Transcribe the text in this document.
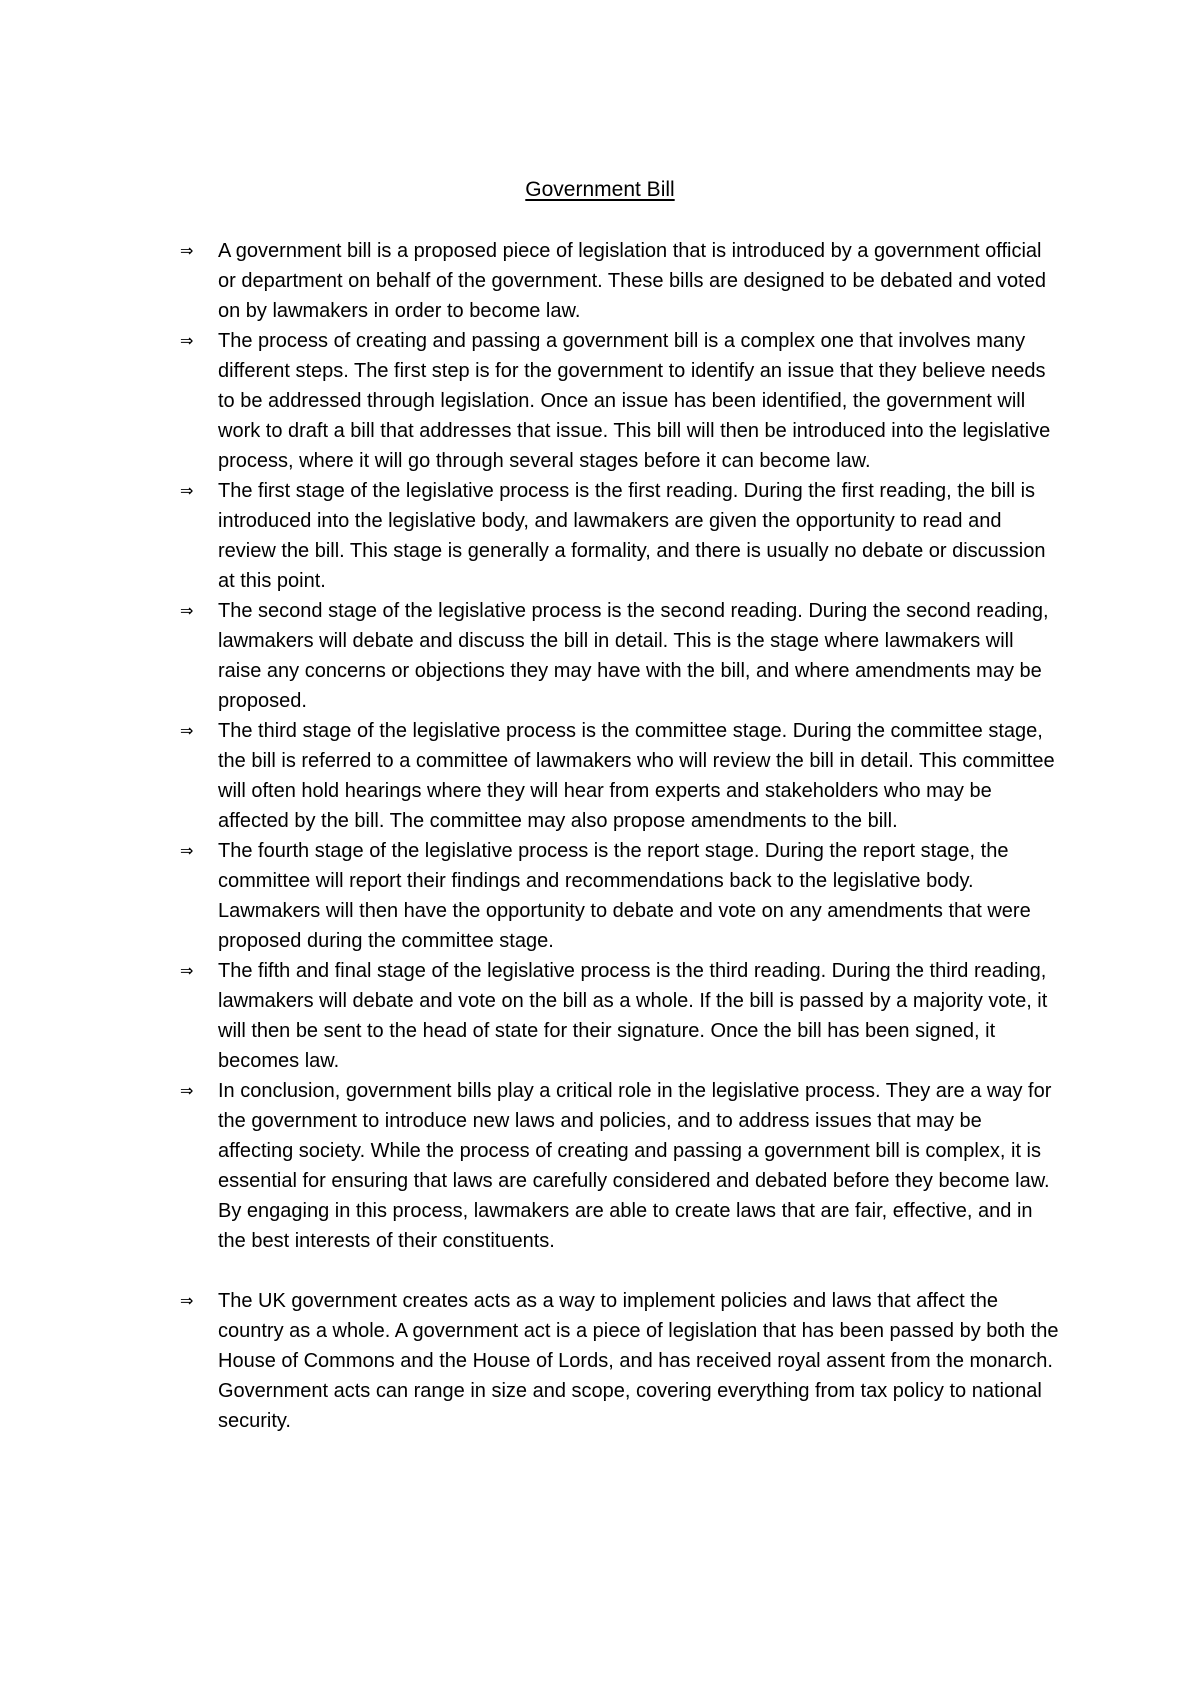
Government Bill
⇒	A government bill is a proposed piece of legislation that is introduced by a government official or department on behalf of the government. These bills are designed to be debated and voted on by lawmakers in order to become law.
⇒	The process of creating and passing a government bill is a complex one that involves many different steps. The first step is for the government to identify an issue that they believe needs to be addressed through legislation. Once an issue has been identified, the government will work to draft a bill that addresses that issue. This bill will then be introduced into the legislative process, where it will go through several stages before it can become law.
⇒	The first stage of the legislative process is the first reading. During the first reading, the bill is introduced into the legislative body, and lawmakers are given the opportunity to read and review the bill. This stage is generally a formality, and there is usually no debate or discussion at this point.
⇒	The second stage of the legislative process is the second reading. During the second reading, lawmakers will debate and discuss the bill in detail. This is the stage where lawmakers will raise any concerns or objections they may have with the bill, and where amendments may be proposed.
⇒	The third stage of the legislative process is the committee stage. During the committee stage, the bill is referred to a committee of lawmakers who will review the bill in detail. This committee will often hold hearings where they will hear from experts and stakeholders who may be affected by the bill. The committee may also propose amendments to the bill.
⇒	The fourth stage of the legislative process is the report stage. During the report stage, the committee will report their findings and recommendations back to the legislative body. Lawmakers will then have the opportunity to debate and vote on any amendments that were proposed during the committee stage.
⇒	The fifth and final stage of the legislative process is the third reading. During the third reading, lawmakers will debate and vote on the bill as a whole. If the bill is passed by a majority vote, it will then be sent to the head of state for their signature. Once the bill has been signed, it becomes law.
⇒	In conclusion, government bills play a critical role in the legislative process. They are a way for the government to introduce new laws and policies, and to address issues that may be affecting society. While the process of creating and passing a government bill is complex, it is essential for ensuring that laws are carefully considered and debated before they become law. By engaging in this process, lawmakers are able to create laws that are fair, effective, and in the best interests of their constituents.
⇒	The UK government creates acts as a way to implement policies and laws that affect the country as a whole. A government act is a piece of legislation that has been passed by both the House of Commons and the House of Lords, and has received royal assent from the monarch. Government acts can range in size and scope, covering everything from tax policy to national security.
